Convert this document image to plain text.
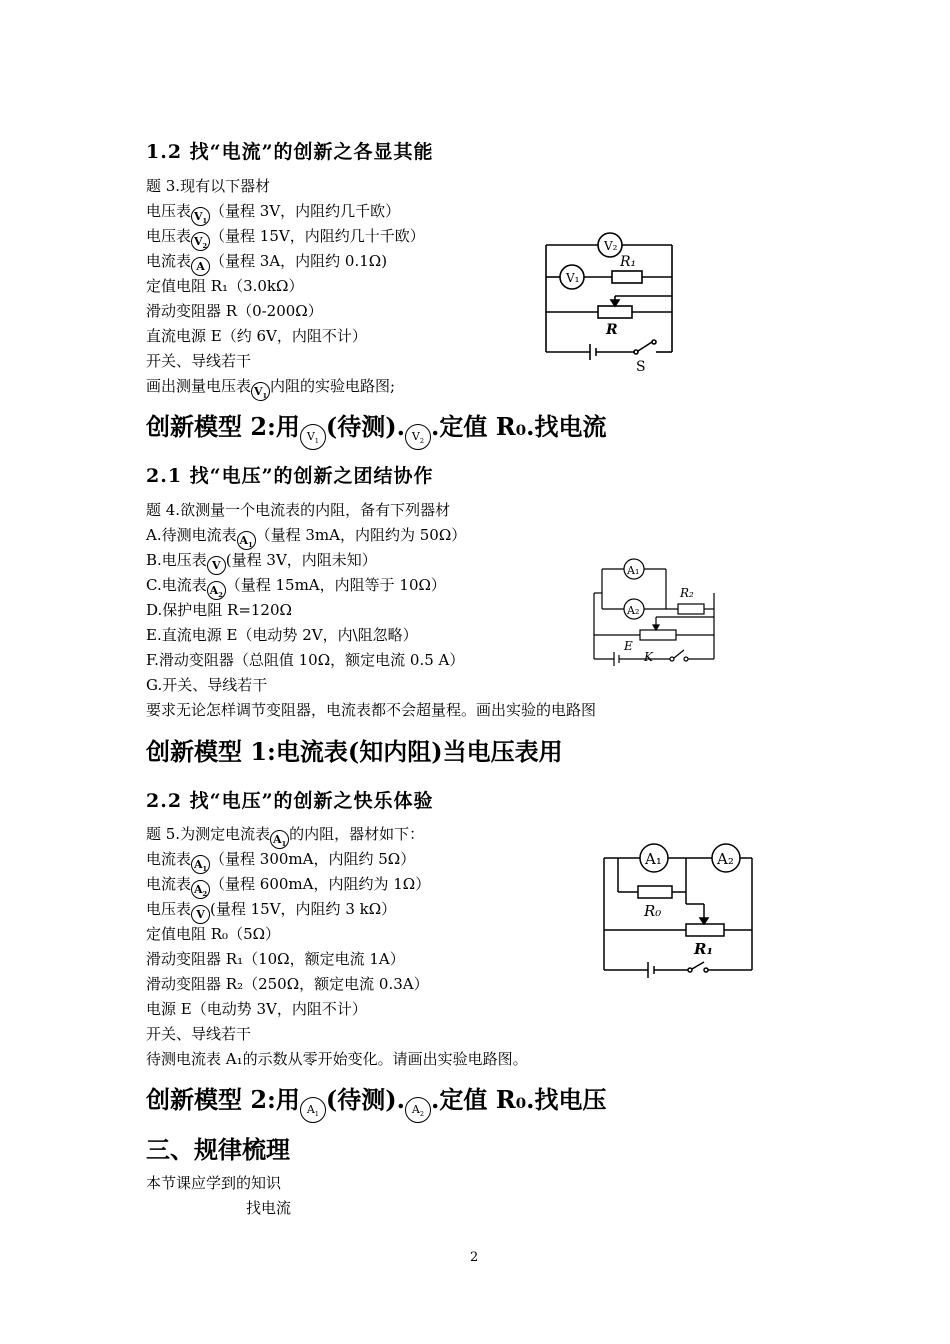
1.2 找“电流”的创新之各显其能
题 3.现有以下器材
电压表 $V_1$（量程 3V，内阻约几千欧）
电压表 $V_2$（量程 15V，内阻约几十千欧）
电流表 A （量程 3A，内阻约 0.1Ω)
定值电阻 R₁（3.0kΩ）
滑动变阻器 R（0-200Ω）
直流电源 E（约 6V，内阻不计）
开关、导线若干
画出测量电压表 $V_1$内阻的实验电路图;
V₂
V₁
R₁
R
S
创新模型 2:用 $V_1$(待测). $V_2$.定值 R₀.找电流
2.1 找“电压”的创新之团结协作
题 4.欲测量一个电流表的内阻，备有下列器材
A.待测电流表 $A_1$（量程 3mA，内阻约为 50Ω）
B.电压表 V (量程 3V，内阻未知）
C.电流表 $A_2$（量程 15mA，内阻等于 10Ω）
D.保护电阻 R=120Ω
E.直流电源 E（电动势 2V，内\阻忽略）
F.滑动变阻器（总阻值 10Ω，额定电流 0.5 A）
G.开关、导线若干
要求无论怎样调节变阻器，电流表都不会超量程。画出实验的电路图
A₁
A₂
R₂
E
K
创新模型 1:电流表(知内阻)当电压表用
2.2 找“电压”的创新之快乐体验
题 5.为测定电流表 $A_1$的内阻，器材如下：
电流表 $A_1$（量程 300mA，内阻约 5Ω）
电流表 $A_2$（量程 600mA，内阻约为 1Ω）
电压表 V (量程 15V，内阻约 3 kΩ）
定值电阻 R₀（5Ω）
滑动变阻器 R₁（10Ω，额定电流 1A）
滑动变阻器 R₂（250Ω，额定电流 0.3A）
电源 E（电动势 3V，内阻不计）
开关、导线若干
待测电流表 A₁的示数从零开始变化。请画出实验电路图。
A₁	A₂
R₀
R₁
创新模型 2:用 $A_1$(待测). $A_2$.定值 R₀.找电压
三、规律梳理
本节课应学到的知识
找电流
2
